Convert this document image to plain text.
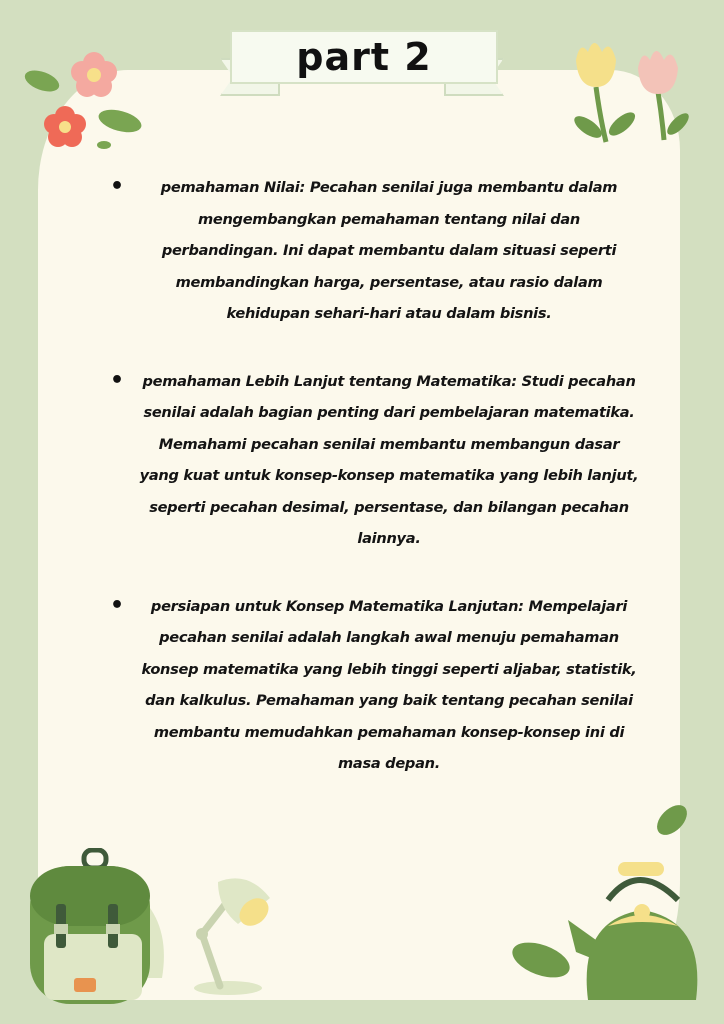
part 2
•	pemahaman Nilai: Pecahan senilai juga membantu dalam mengembangkan pemahaman tentang nilai dan perbandingan. Ini dapat membantu dalam situasi seperti membandingkan harga, persentase, atau rasio dalam kehidupan sehari-hari atau dalam bisnis.

•	pemahaman Lebih Lanjut tentang Matematika: Studi pecahan senilai adalah bagian penting dari pembelajaran matematika. Memahami pecahan senilai membantu membangun dasar yang kuat untuk konsep-konsep matematika yang lebih lanjut, seperti pecahan desimal, persentase, dan bilangan pecahan lainnya.

•	persiapan untuk Konsep Matematika Lanjutan: Mempelajari pecahan senilai adalah langkah awal menuju pemahaman konsep matematika yang lebih tinggi seperti aljabar, statistik, dan kalkulus. Pemahaman yang baik tentang pecahan senilai membantu memudahkan pemahaman konsep-konsep ini di masa depan.
